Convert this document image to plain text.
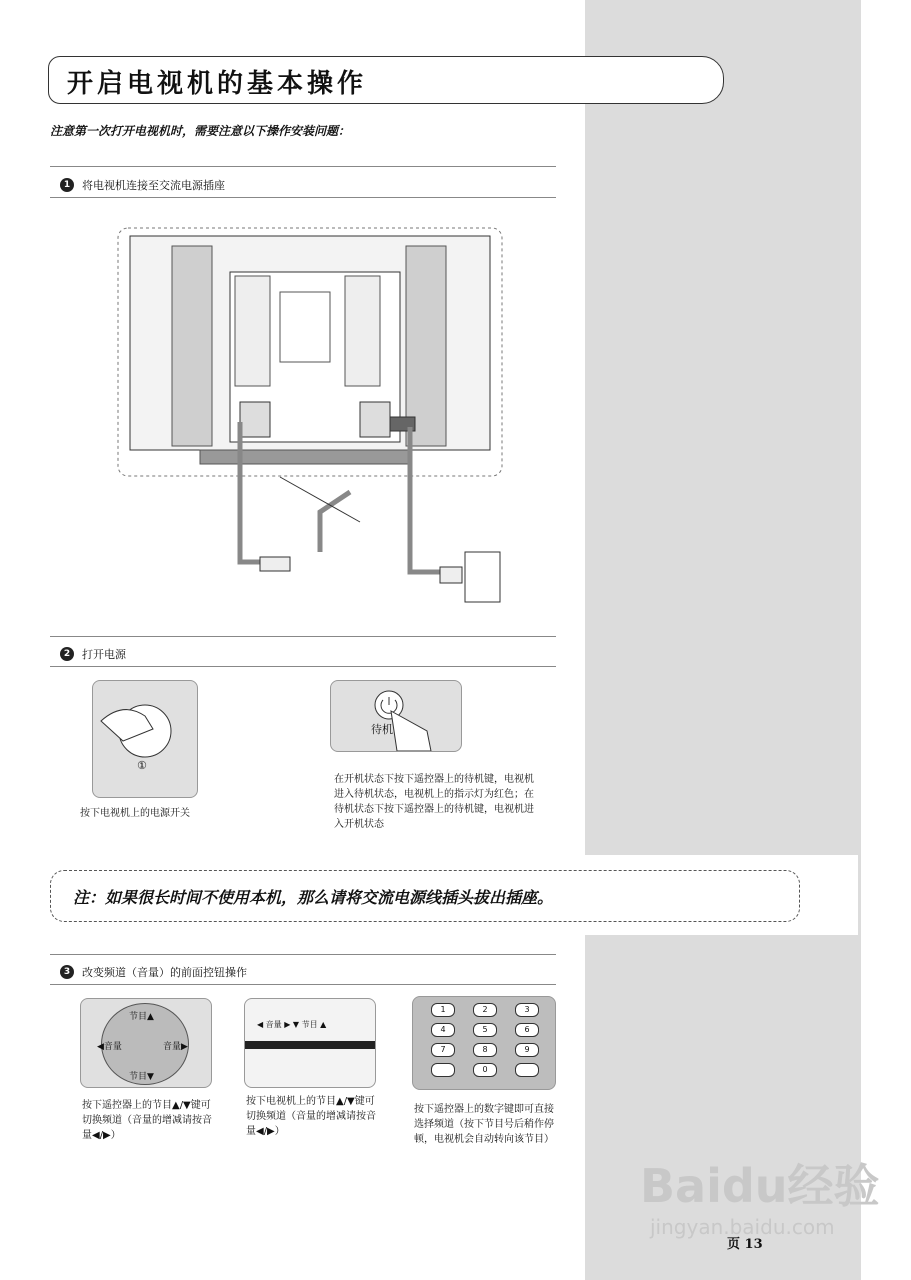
开启电视机的基本操作
注意第一次打开电视机时，需要注意以下操作安装问题：
1	将电视机连接至交流电源插座
2	打开电源
①
按下电视机上的电源开关
待机
在开机状态下按下遥控器上的待机键，电视机进入待机状态，电视机上的指示灯为红色；在待机状态下按下遥控器上的待机键，电视机进入开机状态
注：如果很长时间不使用本机，那么请将交流电源线插头拔出插座。
3	改变频道（音量）的前面控钮操作
节目▲
节目▼
◀音量	音量▶
◀ 音量 ▶ ▼ 节目 ▲
1	2	3
4	5	6
7	8	9
0
按下遥控器上的节目▲/▼键可切换频道（音量的增减请按音量◀/▶）
按下电视机上的节目▲/▼键可切换频道（音量的增减请按音量◀/▶）
按下遥控器上的数字键即可直接选择频道（按下节目号后稍作停顿，电视机会自动转向该节目）
Baidu经验
jingyan.baidu.com
页 13
